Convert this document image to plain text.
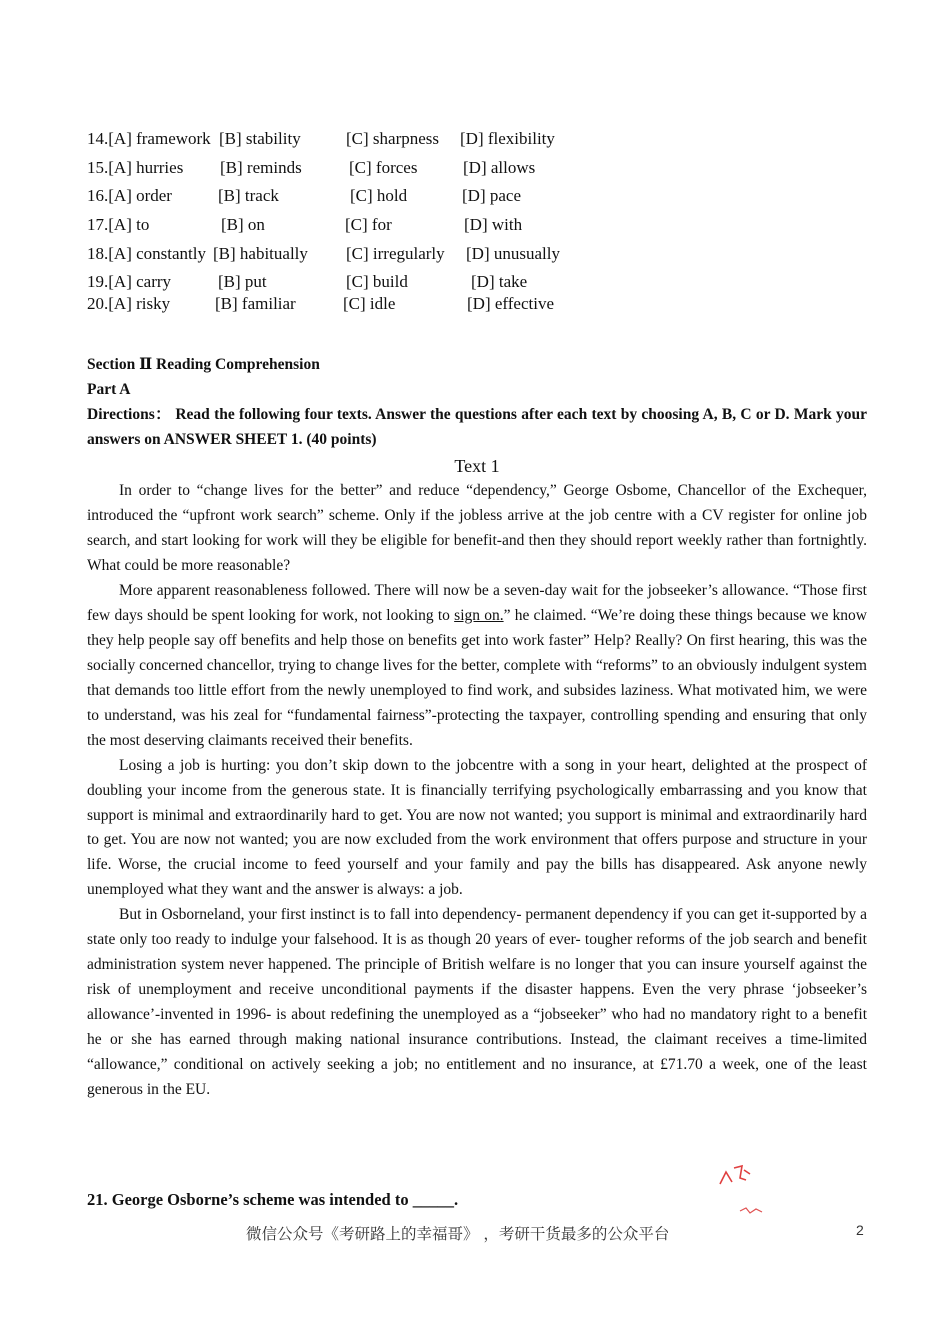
14.[A] framework [B] stability	[C] sharpness [D] flexibility
15.[A] hurries [B] reminds	[C] forces	[D] allows
16.[A] order	[B] track	[C] hold	[D] pace
17.[A] to	[B] on	[C] for	[D] with
18.[A] constantly [B] habitually [C] irregularly [D] unusually
19.[A] carry	[B] put	[C] build	[D] take
20.[A] risky	[B] familiar	[C] idle	[D] effective
Section Ⅱ Reading Comprehension
Part A
Directions： Read the following four texts. Answer the questions after each text by choosing A, B, C or D. Mark your answers on ANSWER SHEET 1. (40 points)
Text 1

In order to “change lives for the better” and reduce “dependency,” George Osbome, Chancellor of the Exchequer, introduced the “upfront work search” scheme. Only if the jobless arrive at the job centre with a CV register for online job search, and start looking for work will they be eligible for benefit-and then they should report weekly rather than fortnightly. What could be more reasonable?

More apparent reasonableness followed. There will now be a seven-day wait for the jobseeker’s allowance. “Those first few days should be spent looking for work, not looking to sign on.” he claimed. “We’re doing these things because we know they help people say off benefits and help those on benefits get into work faster” Help? Really? On first hearing, this was the socially concerned chancellor, trying to change lives for the better, complete with “reforms” to an obviously indulgent system that demands too little effort from the newly unemployed to find work, and subsides laziness. What motivated him, we were to understand, was his zeal for “fundamental fairness”-protecting the taxpayer, controlling spending and ensuring that only the most deserving claimants received their benefits.

Losing a job is hurting: you don’t skip down to the jobcentre with a song in your heart, delighted at the prospect of doubling your income from the generous state. It is financially terrifying psychologically embarrassing and you know that support is minimal and extraordinarily hard to get. You are now not wanted; you support is minimal and extraordinarily hard to get. You are now not wanted; you are now excluded from the work environment that offers purpose and structure in your life. Worse, the crucial income to feed yourself and your family and pay the bills has disappeared. Ask anyone newly unemployed what they want and the answer is always: a job.

But in Osborneland, your first instinct is to fall into dependency- permanent dependency if you can get it-supported by a state only too ready to indulge your falsehood. It is as though 20 years of ever- tougher reforms of the job search and benefit administration system never happened. The principle of British welfare is no longer that you can insure yourself against the risk of unemployment and receive unconditional payments if the disaster happens. Even the very phrase ‘jobseeker’s allowance’-invented in 1996- is about redefining the unemployed as a “jobseeker” who had no mandatory right to a benefit he or she has earned through making national insurance contributions. Instead, the claimant receives a time-limited “allowance,” conditional on actively seeking a job; no entitlement and no insurance, at £71.70 a week, one of the least generous in the EU.

21. George Osborne’s scheme was intended to _____.
微信公众号《考研路上的幸福哥》 ，考研干货最多的公众平台	2
